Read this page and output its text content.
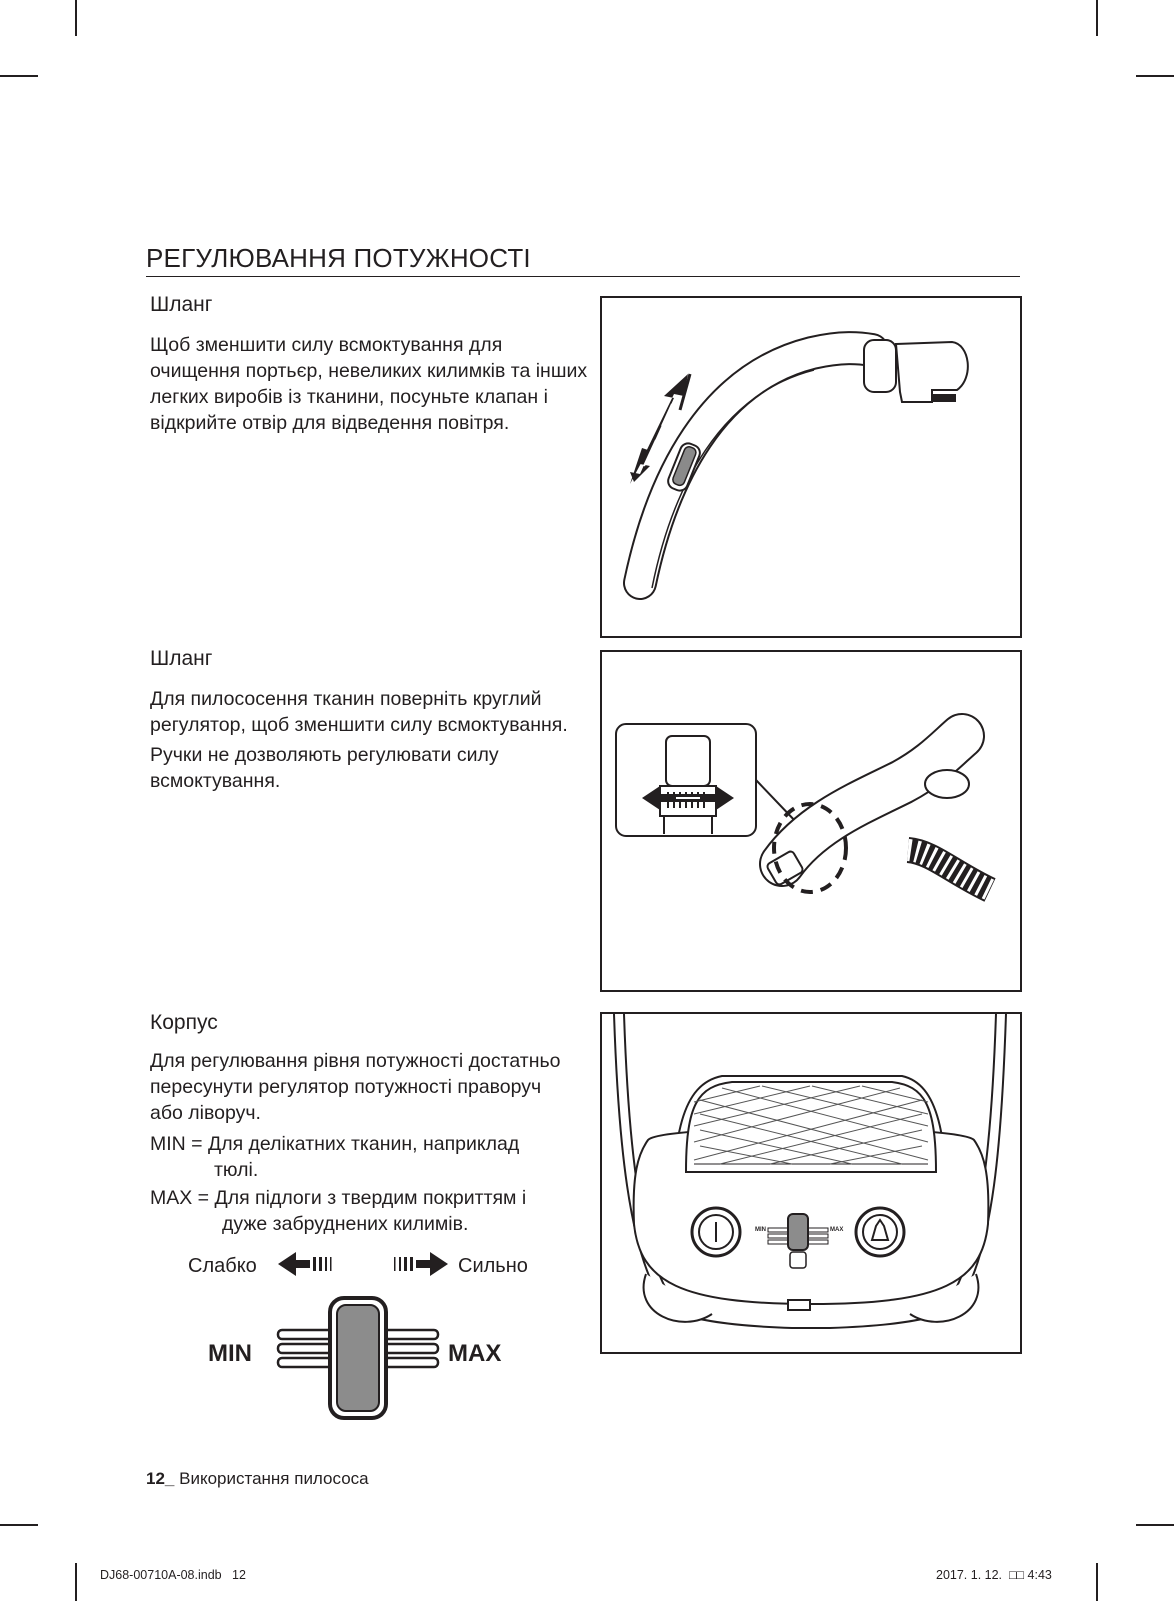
РЕГУЛЮВАННЯ ПОТУЖНОСТІ
Шланг

Щоб зменшити силу всмоктування для очищення портьєр, невеликих килимків та інших легких виробів із тканини, посуньте клапан і відкрийте отвір для відведення повітря.

Шланг

Для пилососення тканин поверніть круглий регулятор, щоб зменшити силу всмоктування.

Ручки не дозволяють регулювати силу всмоктування.

Корпус

Для регулювання рівня потужності достатньо пересунути регулятор потужності праворуч або ліворуч.

MIN = Для делікатних тканин, наприклад
тюлі.
MAX = Для підлоги з твердим покриттям і
дуже забруднених килимів.
Слабко	Сильно
MIN	MAX
MIN	MAX
12_ Використання пилососа
DJ68-00710A-08.indb 12	2017. 1. 12. □□ 4:43
